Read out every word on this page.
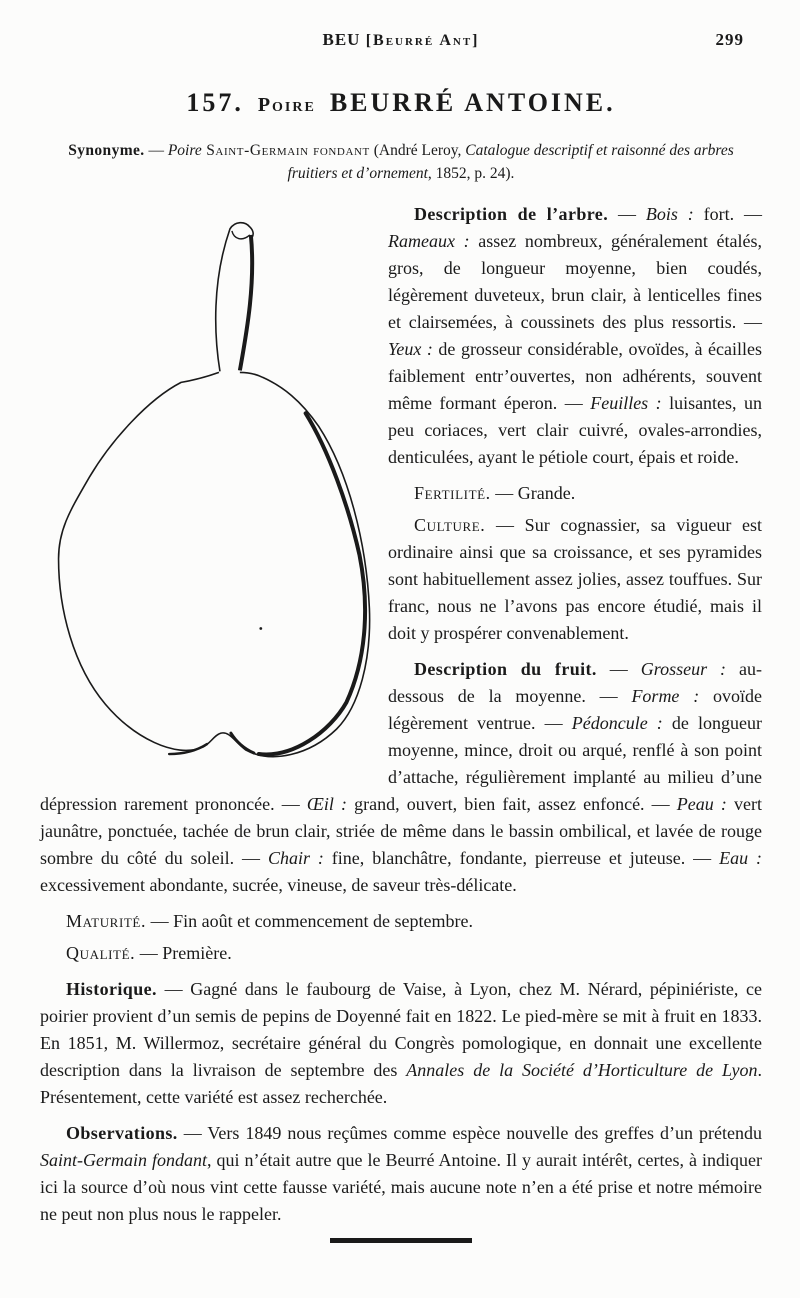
BEU [Beurré Ant]	299
157. Poire BEURRÉ ANTOINE.

Synonyme. — Poire Saint-Germain fondant (André Leroy, Catalogue descriptif et raisonné des arbres fruitiers et d’ornement, 1852, p. 24).

Description de l’arbre. — Bois : fort. — Rameaux : assez nombreux, généralement étalés, gros, de longueur moyenne, bien coudés, légèrement duveteux, brun clair, à lenticelles fines et clairsemées, à coussinets des plus ressortis. — Yeux : de grosseur considérable, ovoïdes, à écailles faiblement entr’ouvertes, non adhérents, souvent même formant éperon. — Feuilles : luisantes, un peu coriaces, vert clair cuivré, ovales-arrondies, denticulées, ayant le pétiole court, épais et roide.

Fertilité. — Grande.

Culture. — Sur cognassier, sa vigueur est ordinaire ainsi que sa croissance, et ses pyramides sont habituellement assez jolies, assez touffues. Sur franc, nous ne l’avons pas encore étudié, mais il doit y prospérer convenablement.

Description du fruit. — Grosseur : au-dessous de la moyenne. — Forme : ovoïde légèrement ventrue. — Pédoncule : de longueur moyenne, mince, droit ou arqué, renflé à son point d’attache, régulièrement implanté au milieu d’une dépression rarement prononcée. — Œil : grand, ouvert, bien fait, assez enfoncé. — Peau : vert jaunâtre, ponctuée, tachée de brun clair, striée de même dans le bassin ombilical, et lavée de rouge sombre du côté du soleil. — Chair : fine, blanchâtre, fondante, pierreuse et juteuse. — Eau : excessivement abondante, sucrée, vineuse, de saveur très-délicate.

Maturité. — Fin août et commencement de septembre.

Qualité. — Première.

Historique. — Gagné dans le faubourg de Vaise, à Lyon, chez M. Nérard, pépiniériste, ce poirier provient d’un semis de pepins de Doyenné fait en 1822. Le pied-mère se mit à fruit en 1833. En 1851, M. Willermoz, secrétaire général du Congrès pomologique, en donnait une excellente description dans la livraison de septembre des Annales de la Société d’Horticulture de Lyon. Présentement, cette variété est assez recherchée.

Observations. — Vers 1849 nous reçûmes comme espèce nouvelle des greffes d’un prétendu Saint-Germain fondant, qui n’était autre que le Beurré Antoine. Il y aurait intérêt, certes, à indiquer ici la source d’où nous vint cette fausse variété, mais aucune note n’en a été prise et notre mémoire ne peut non plus nous le rappeler.
